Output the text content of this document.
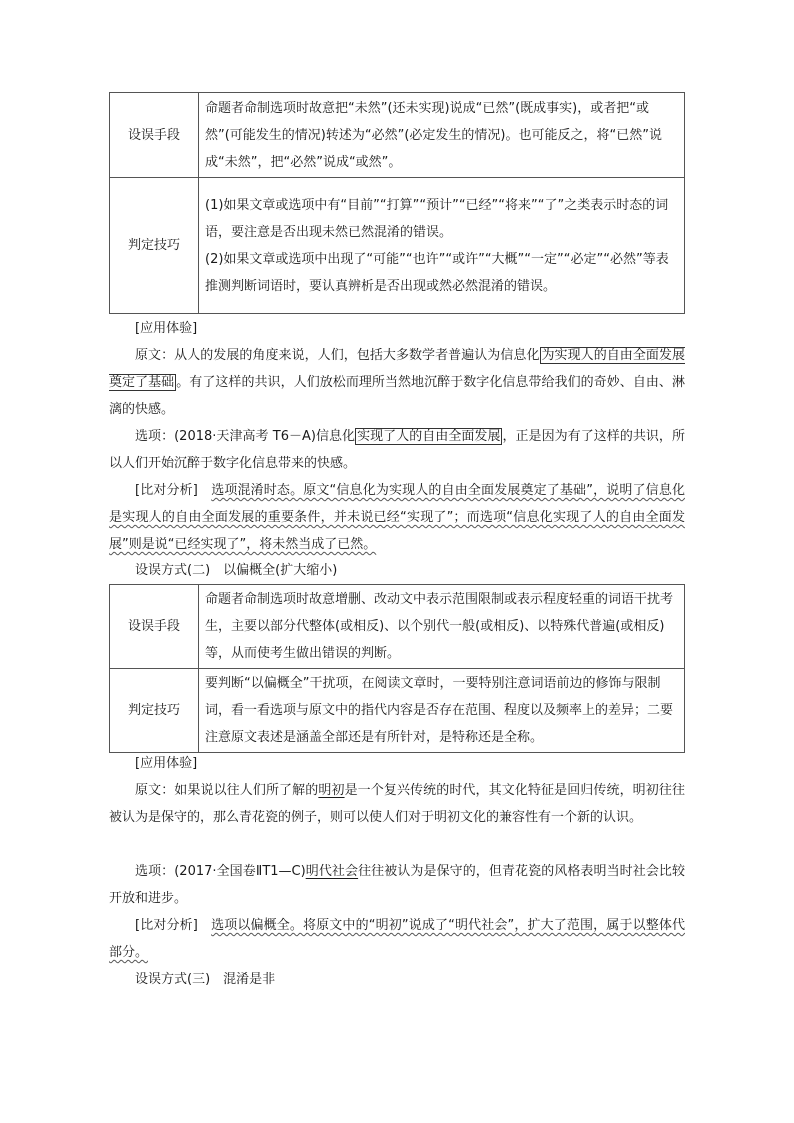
设误手段	命题者命制选项时故意把“未然”(还未实现)说成“已然”(既成事实)，或者把“或然”(可能发生的情况)转述为“必然”(必定发生的情况)。也可能反之，将“已然”说成“未然”，把“必然”说成“或然”。
判定技巧	(1)如果文章或选项中有“目前”“打算”“预计”“已经”“将来”“了”之类表示时态的词语，要注意是否出现未然已然混淆的错误。
(2)如果文章或选项中出现了“可能”“也许”“或许”“大概”“一定”“必定”“必然”等表推测判断词语时，要认真辨析是否出现或然必然混淆的错误。

[应用体验]

原文：从人的发展的角度来说，人们，包括大多数学者普遍认为信息化 为实现人的自由全面发展奠定了基础 。有了这样的共识，人们放松而理所当然地沉醉于数字化信息带给我们的奇妙、自由、淋漓的快感。

选项：(2018·天津高考 T6－A)信息化 实现了人的自由全面发展 ，正是因为有了这样的共识，所以人们开始沉醉于数字化信息带来的快感。

[比对分析]　 选项混淆时态。原文“信息化为实现人的自由全面发展奠定了基础”，说明了信息化是实现人的自由全面发展的重要条件，并未说已经“实现了”；而选项“信息化实现了人的自由全面发展”则是说“已经实现了”，将未然当成了已然。

设误方式(二)　以偏概全(扩大缩小)

设误手段	命题者命制选项时故意增删、改动文中表示范围限制或表示程度轻重的词语干扰考生，主要以部分代整体(或相反)、以个别代一般(或相反)、以特殊代普遍(或相反)等，从而使考生做出错误的判断。
判定技巧	要判断“以偏概全”干扰项，在阅读文章时，一要特别注意词语前边的修饰与限制词，看一看选项与原文中的指代内容是否存在范围、程度以及频率上的差异；二要注意原文表述是涵盖全部还是有所针对，是特称还是全称。

[应用体验]

原文：如果说以往人们所了解的明初是一个复兴传统的时代，其文化特征是回归传统，明初往往被认为是保守的，那么青花瓷的例子，则可以使人们对于明初文化的兼容性有一个新的认识。

选项：(2017·全国卷ⅡT1—C)明代社会往往被认为是保守的，但青花瓷的风格表明当时社会比较开放和进步。

[比对分析]　 选项以偏概全。将原文中的“明初”说成了“明代社会”，扩大了范围，属于以整体代部分。

设误方式(三)　混淆是非
